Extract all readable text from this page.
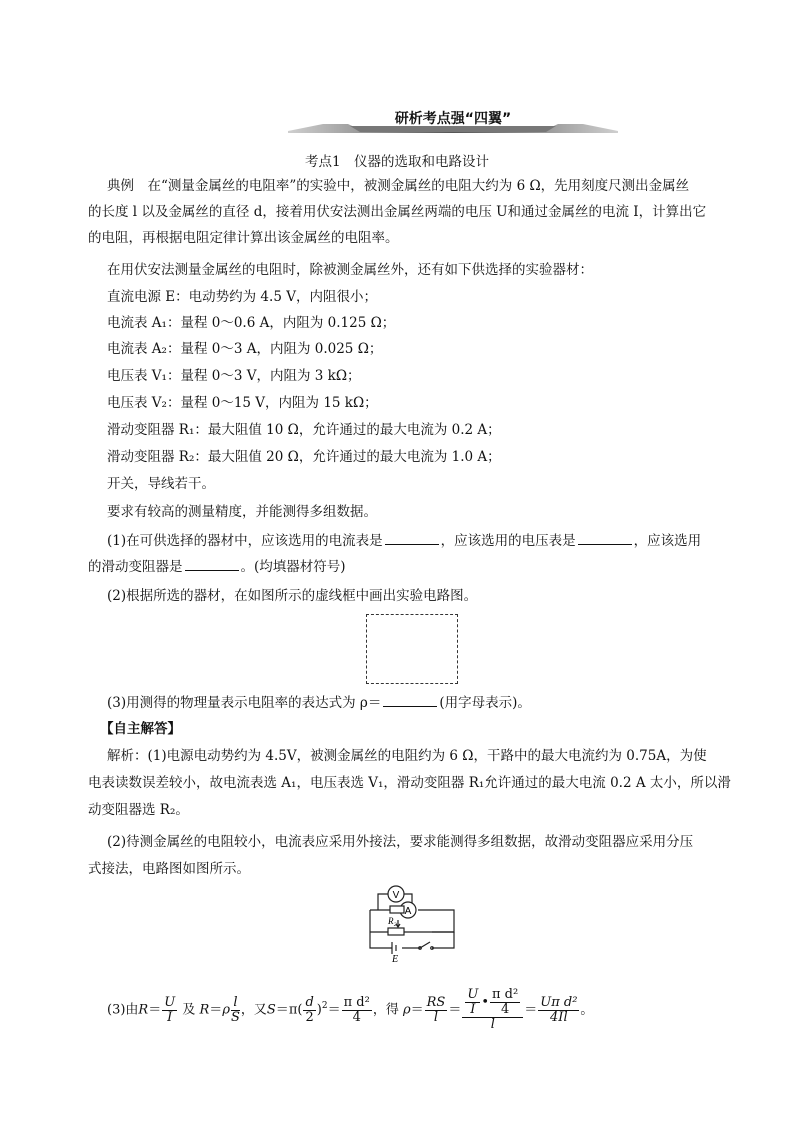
研析考点强“四翼”
考点1　仪器的选取和电路设计
典例　在“测量金属丝的电阻率”的实验中，被测金属丝的电阻大约为 6 Ω，先用刻度尺测出金属丝
的长度 l 以及金属丝的直径 d，接着用伏安法测出金属丝两端的电压 U和通过金属丝的电流 I，计算出它
的电阻，再根据电阻定律计算出该金属丝的电阻率。
在用伏安法测量金属丝的电阻时，除被测金属丝外，还有如下供选择的实验器材：
直流电源 E：电动势约为 4.5 V，内阻很小；
电流表 A₁：量程 0～0.6 A，内阻为 0.125 Ω；
电流表 A₂：量程 0～3 A，内阻为 0.025 Ω；
电压表 V₁：量程 0～3 V，内阻为 3 kΩ；
电压表 V₂：量程 0～15 V，内阻为 15 kΩ；
滑动变阻器 R₁：最大阻值 10 Ω，允许通过的最大电流为 0.2 A；
滑动变阻器 R₂：最大阻值 20 Ω，允许通过的最大电流为 1.0 A；
开关，导线若干。
要求有较高的测量精度，并能测得多组数据。
(1)在可供选择的器材中，应该选用的电流表是	，应该选用的电压表是	，应该选用
的滑动变阻器是	。(均填器材符号)
(2)根据所选的器材，在如图所示的虚线框中画出实验电路图。
(3)用测得的物理量表示电阻率的表达式为 ρ＝	(用字母表示)。
【自主解答】
解析：(1)电源电动势约为 4.5V，被测金属丝的电阻约为 6 Ω，干路中的最大电流约为 0.75A，为使
电表读数误差较小，故电流表选 A₁，电压表选 V₁，滑动变阻器 R₁允许通过的最大电流 0.2 A 太小，所以滑
动变阻器选 R₂。
(2)待测金属丝的电阻较小，电流表应采用外接法，要求能测得多组数据，故滑动变阻器应采用分压
式接法，电路图如图所示。
V
A
R₂
E
(3)由$R= \frac{U}{I}$ 及 $R=\rho \frac{l}{S}$ ，又$S=\pi( \frac{d}{2} )^2= \frac{\text{π d²}}{4}$ ，得 $\rho= \frac{RS}{l} = \frac{\frac{U}{I} • \frac{\text{π d²}}{4}}{l} = \frac{\text{Uπ d²}}{4Il}$ 。
